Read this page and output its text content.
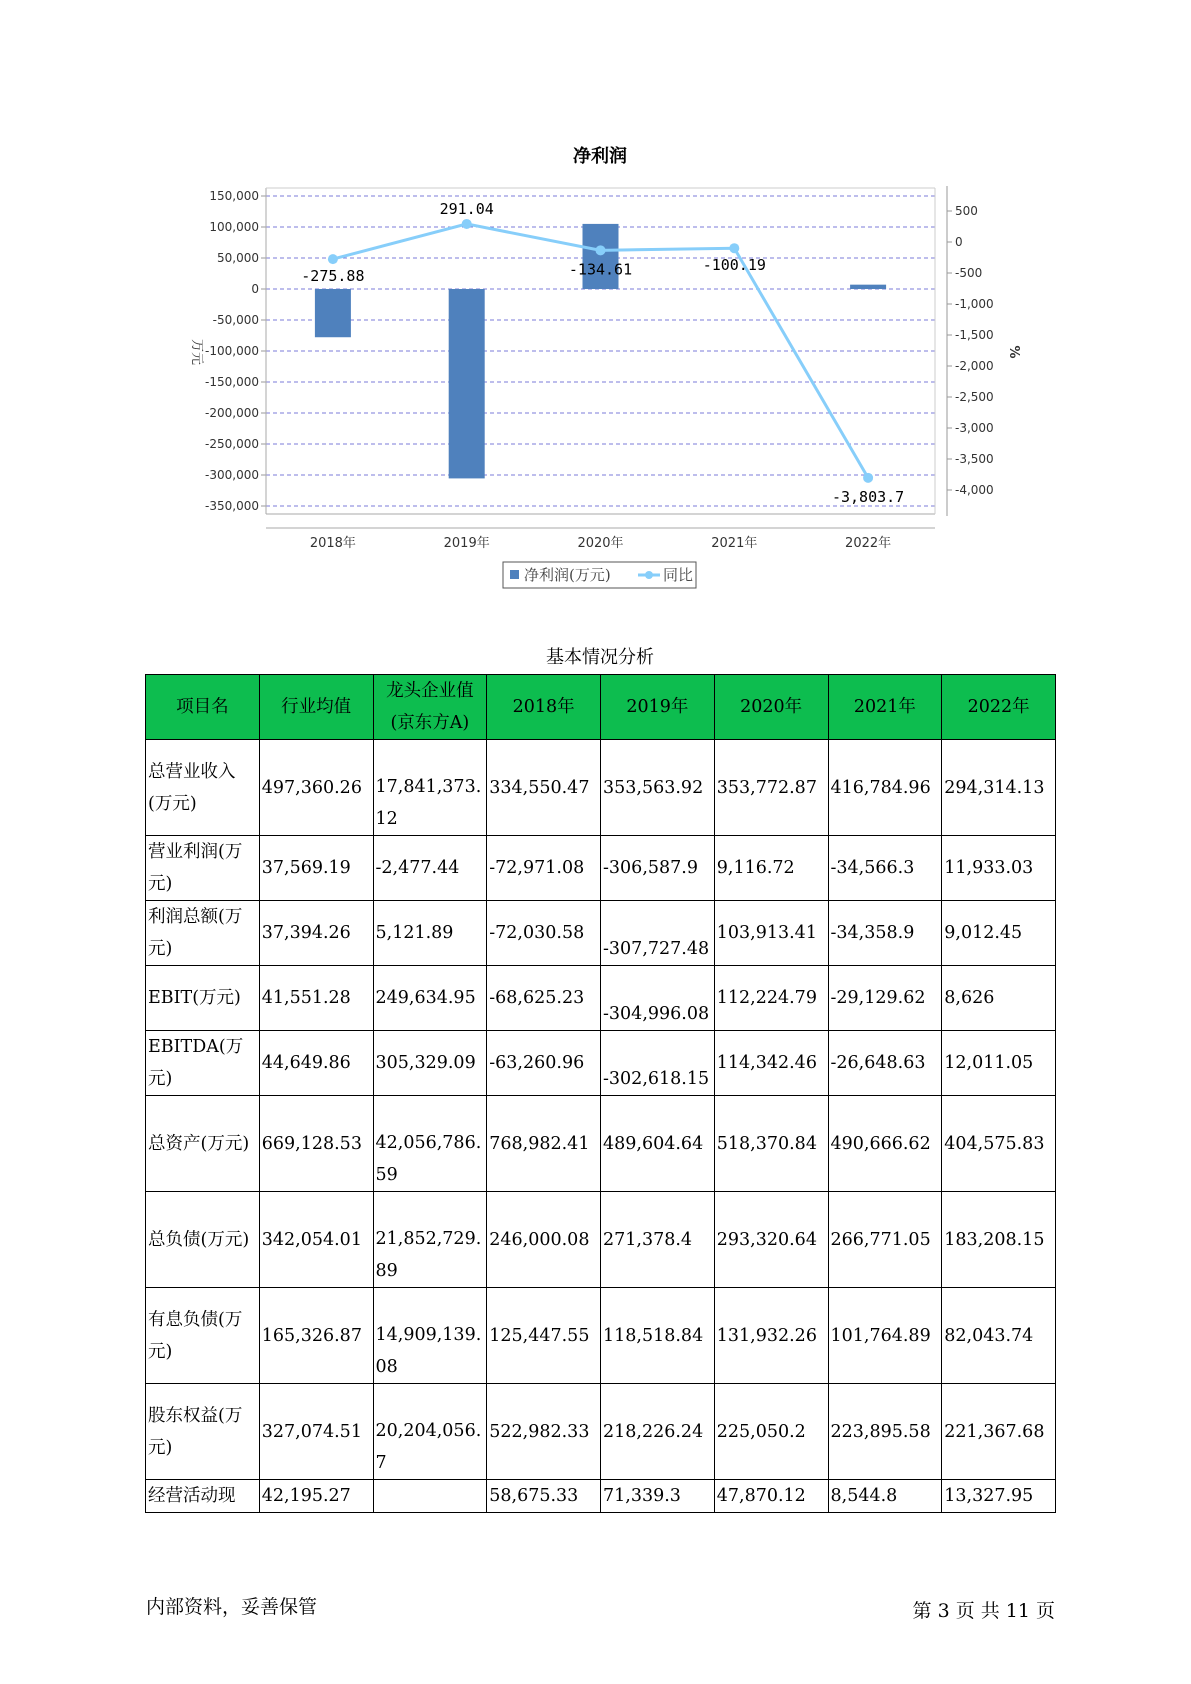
净利润
150,000
100,000
50,000
0
-50,000
-100,000
-150,000
-200,000
-250,000
-300,000
-350,000
500
0
-500
-1,000
-1,500
-2,000
-2,500
-3,000
-3,500
-4,000
万元	%
2018年	2019年	2020年	2021年	2022年
-275.88
291.04
-134.61	-100.19
-3,803.7
净利润(万元)	同比
基本情况分析
项目名	行业均值	龙头企业值(京东方A)	2018年	2019年	2020年	2021年	2022年
总营业收入(万元)	497,360.26	17,841,373.12	334,550.47	353,563.92	353,772.87	416,784.96	294,314.13
营业利润(万元)	37,569.19	-2,477.44	-72,971.08	-306,587.9	9,116.72	-34,566.3	11,933.03
利润总额(万元)	37,394.26	5,121.89	-72,030.58	-307,727.48	103,913.41	-34,358.9	9,012.45
EBIT(万元)	41,551.28	249,634.95	-68,625.23	-304,996.08	112,224.79	-29,129.62	8,626
EBITDA(万元)	44,649.86	305,329.09	-63,260.96	-302,618.15	114,342.46	-26,648.63	12,011.05
总资产(万元)	669,128.53	42,056,786.59	768,982.41	489,604.64	518,370.84	490,666.62	404,575.83
总负债(万元)	342,054.01	21,852,729.89	246,000.08	271,378.4	293,320.64	266,771.05	183,208.15
有息负债(万元)	165,326.87	14,909,139.08	125,447.55	118,518.84	131,932.26	101,764.89	82,043.74
股东权益(万元)	327,074.51	20,204,056.7	522,982.33	218,226.24	225,050.2	223,895.58	221,367.68
经营活动现	42,195.27		58,675.33	71,339.3	47,870.12	8,544.8	13,327.95
内部资料，妥善保管	第 3 页 共 11 页
